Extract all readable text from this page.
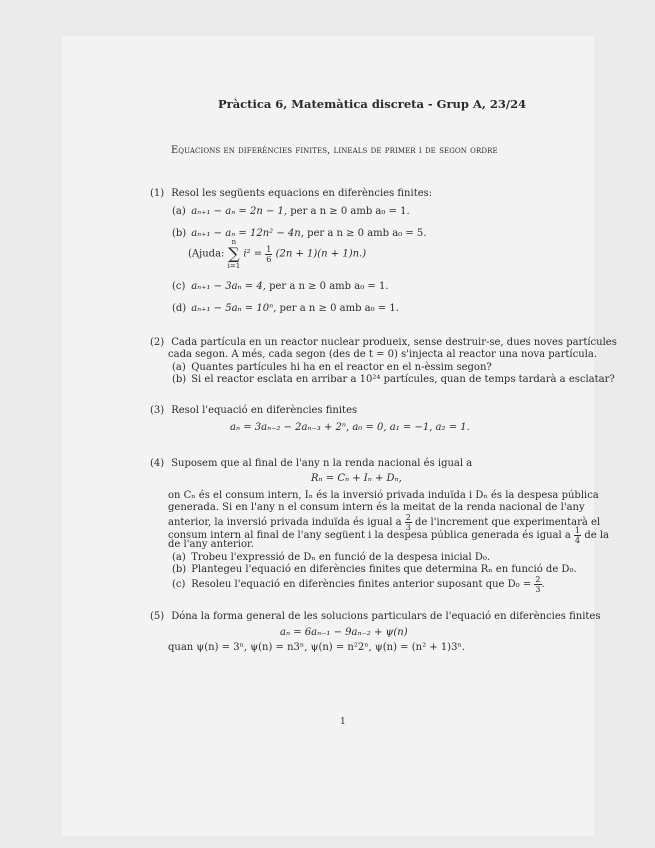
Pràctica 6, Matemàtica discreta - Grup A, 23/24
Equacions en diferències finites, lineals de primer i de segon ordre
(1) Resol les següents equacions en diferències finites:
(a) aₙ₊₁ − aₙ = 2n − 1, per a n ≥ 0 amb a₀ = 1.
(b) aₙ₊₁ − aₙ = 12n² − 4n, per a n ≥ 0 amb a₀ = 5.
(Ajuda: n
∑
i=1 $i^2 = \frac{1}{6} (2n + 1)(n + 1)n$.)
(c) aₙ₊₁ − 3aₙ = 4, per a n ≥ 0 amb a₀ = 1.
(d) aₙ₊₁ − 5aₙ = 10ⁿ, per a n ≥ 0 amb a₀ = 1.
(2) Cada partícula en un reactor nuclear produeix, sense destruir-se, dues noves partícules
cada segon. A més, cada segon (des de t = 0) s'injecta al reactor una nova partícula.
(a) Quantes partícules hi ha en el reactor en el n-èssim segon?
(b) Si el reactor esclata en arribar a 10²⁴ partícules, quan de temps tardarà a esclatar?
(3) Resol l'equació en diferències finites
aₙ = 3aₙ₋₂ − 2aₙ₋₃ + 2ⁿ, a₀ = 0, a₁ = −1, a₂ = 1.
(4) Suposem que al final de l'any n la renda nacional és igual a
Rₙ = Cₙ + Iₙ + Dₙ,
on Cₙ és el consum intern, Iₙ és la inversió privada induïda i Dₙ és la despesa pública
generada. Si en l'any n el consum intern és la meitat de la renda nacional de l'any
anterior, la inversió privada induïda és igual a $\frac{2}{3}$ de l'increment que experimentarà el
consum intern al final de l'any següent i la despesa pública generada és igual a $\frac{1}{4}$ de la
de l'any anterior.
(a) Trobeu l'expressió de Dₙ en funció de la despesa inicial D₀.
(b) Plantegeu l'equació en diferències finites que determina Rₙ en funció de D₀.
(c) Resoleu l'equació en diferències finites anterior suposant que $D_0 = \frac{2}{3}$ .
(5) Dóna la forma general de les solucions particulars de l'equació en diferències finites
aₙ = 6aₙ₋₁ − 9aₙ₋₂ + ψ(n)
quan ψ(n) = 3ⁿ, ψ(n) = n3ⁿ, ψ(n) = n²2ⁿ, ψ(n) = (n² + 1)3ⁿ.
1
